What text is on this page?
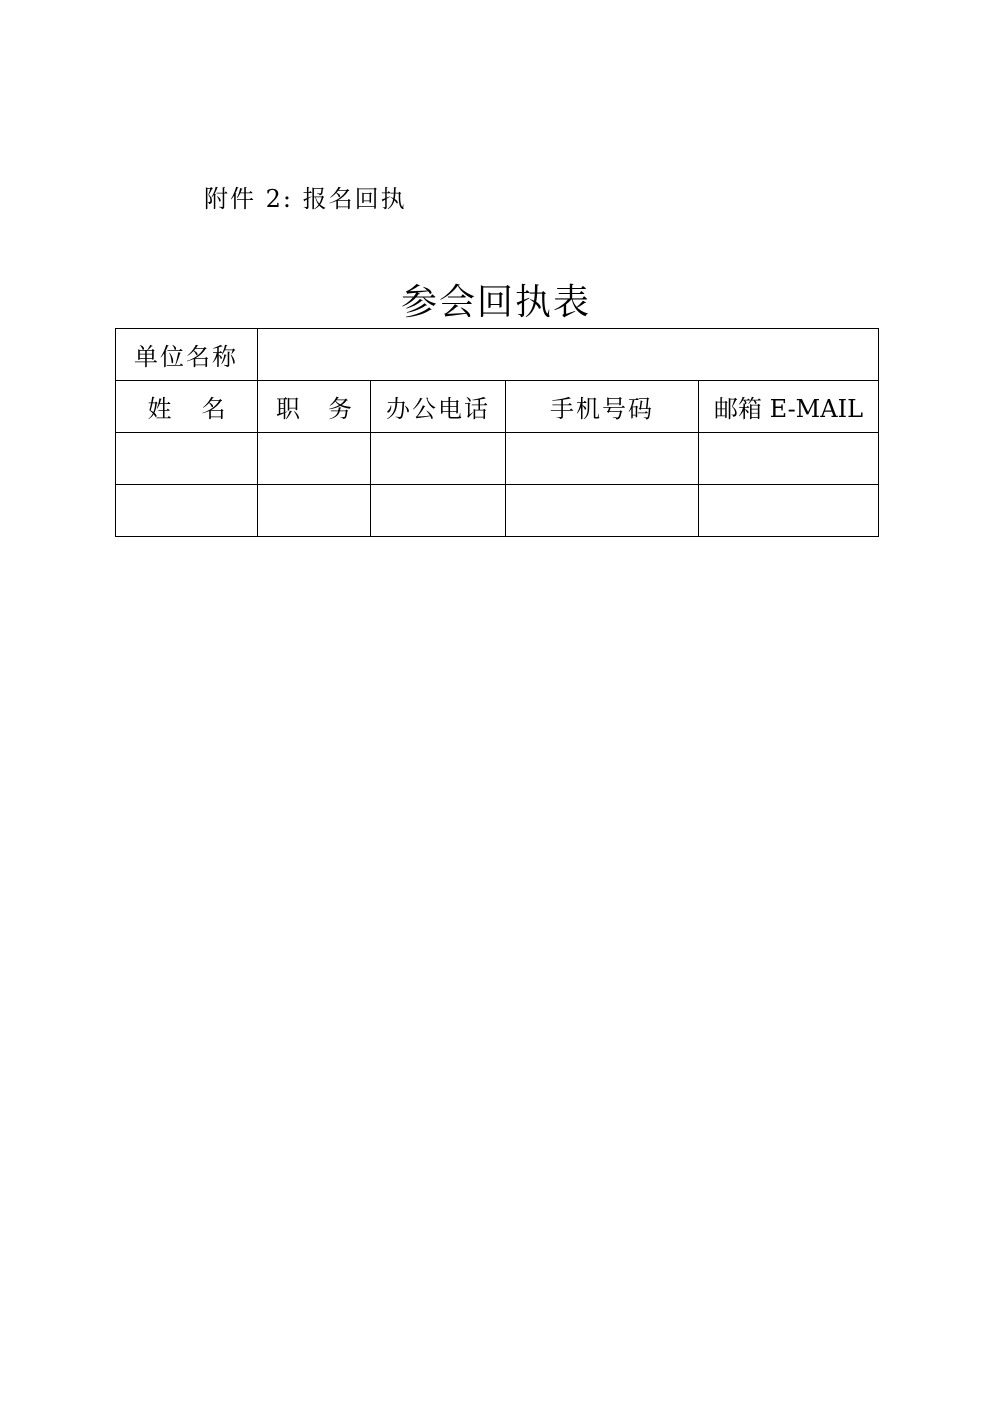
附件 2: 报名回执
参会回执表
单位名称				
姓 名	职 务	办公电话	手机号码	邮箱 E-MAIL
